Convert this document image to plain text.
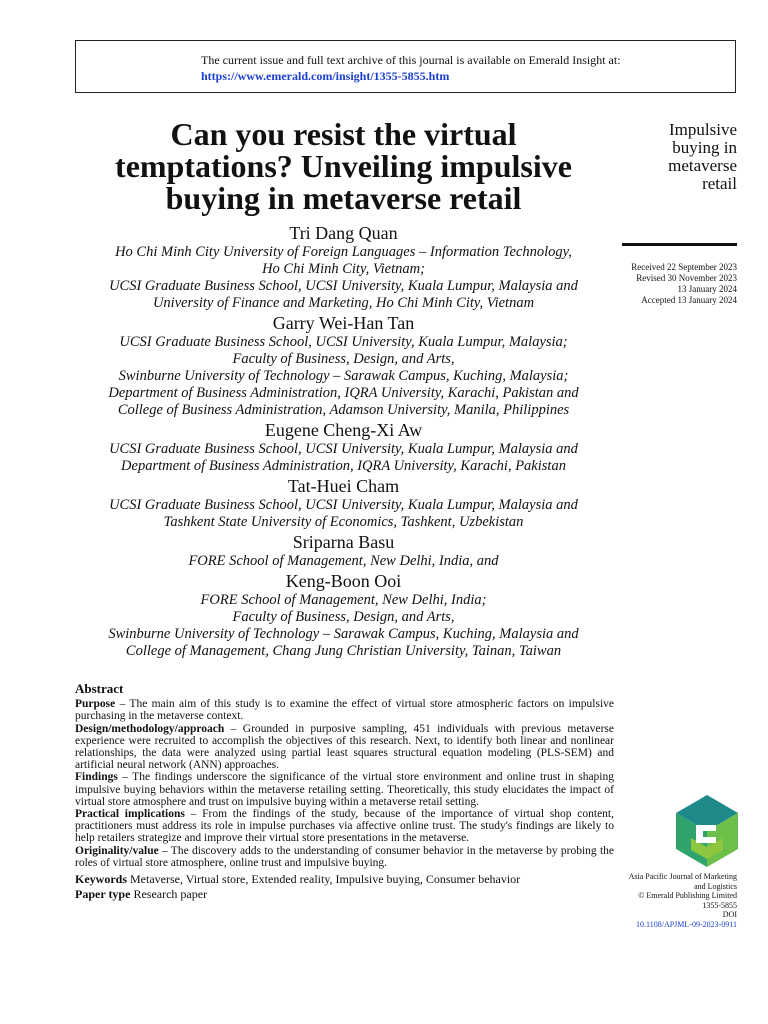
The current issue and full text archive of this journal is available on Emerald Insight at:
https://www.emerald.com/insight/1355-5855.htm
Can you resist the virtual
temptations? Unveiling impulsive
buying in metaverse retail
Tri Dang Quan
Ho Chi Minh City University of Foreign Languages – Information Technology,
Ho Chi Minh City, Vietnam;
UCSI Graduate Business School, UCSI University, Kuala Lumpur, Malaysia and
University of Finance and Marketing, Ho Chi Minh City, Vietnam
Garry Wei-Han Tan
UCSI Graduate Business School, UCSI University, Kuala Lumpur, Malaysia;
Faculty of Business, Design, and Arts,
Swinburne University of Technology – Sarawak Campus, Kuching, Malaysia;
Department of Business Administration, IQRA University, Karachi, Pakistan and
College of Business Administration, Adamson University, Manila, Philippines
Eugene Cheng-Xi Aw
UCSI Graduate Business School, UCSI University, Kuala Lumpur, Malaysia and
Department of Business Administration, IQRA University, Karachi, Pakistan
Tat-Huei Cham
UCSI Graduate Business School, UCSI University, Kuala Lumpur, Malaysia and
Tashkent State University of Economics, Tashkent, Uzbekistan
Sriparna Basu
FORE School of Management, New Delhi, India, and
Keng-Boon Ooi
FORE School of Management, New Delhi, India;
Faculty of Business, Design, and Arts,
Swinburne University of Technology – Sarawak Campus, Kuching, Malaysia and
College of Management, Chang Jung Christian University, Tainan, Taiwan
Impulsive
buying in
metaverse
retail
Received 22 September 2023
Revised 30 November 2023
13 January 2024
Accepted 13 January 2024
Asia Pacific Journal of Marketing
and Logistics
© Emerald Publishing Limited
1355-5855
DOI
10.1108/APJML-09-2023-0911
Abstract

Purpose – The main aim of this study is to examine the effect of virtual store atmospheric factors on impulsive purchasing in the metaverse context.

Design/methodology/approach – Grounded in purposive sampling, 451 individuals with previous metaverse experience were recruited to accomplish the objectives of this research. Next, to identify both linear and nonlinear relationships, the data were analyzed using partial least squares structural equation modeling (PLS-SEM) and artificial neural network (ANN) approaches.

Findings – The findings underscore the significance of the virtual store environment and online trust in shaping impulsive buying behaviors within the metaverse retailing setting. Theoretically, this study elucidates the impact of virtual store atmosphere and trust on impulsive buying within a metaverse retail setting.

Practical implications – From the findings of the study, because of the importance of virtual shop content, practitioners must address its role in impulse purchases via affective online trust. The study's findings are likely to help retailers strategize and improve their virtual store presentations in the metaverse.

Originality/value – The discovery adds to the understanding of consumer behavior in the metaverse by probing the roles of virtual store atmosphere, online trust and impulsive buying.

Keywords Metaverse, Virtual store, Extended reality, Impulsive buying, Consumer behavior
Paper type Research paper
